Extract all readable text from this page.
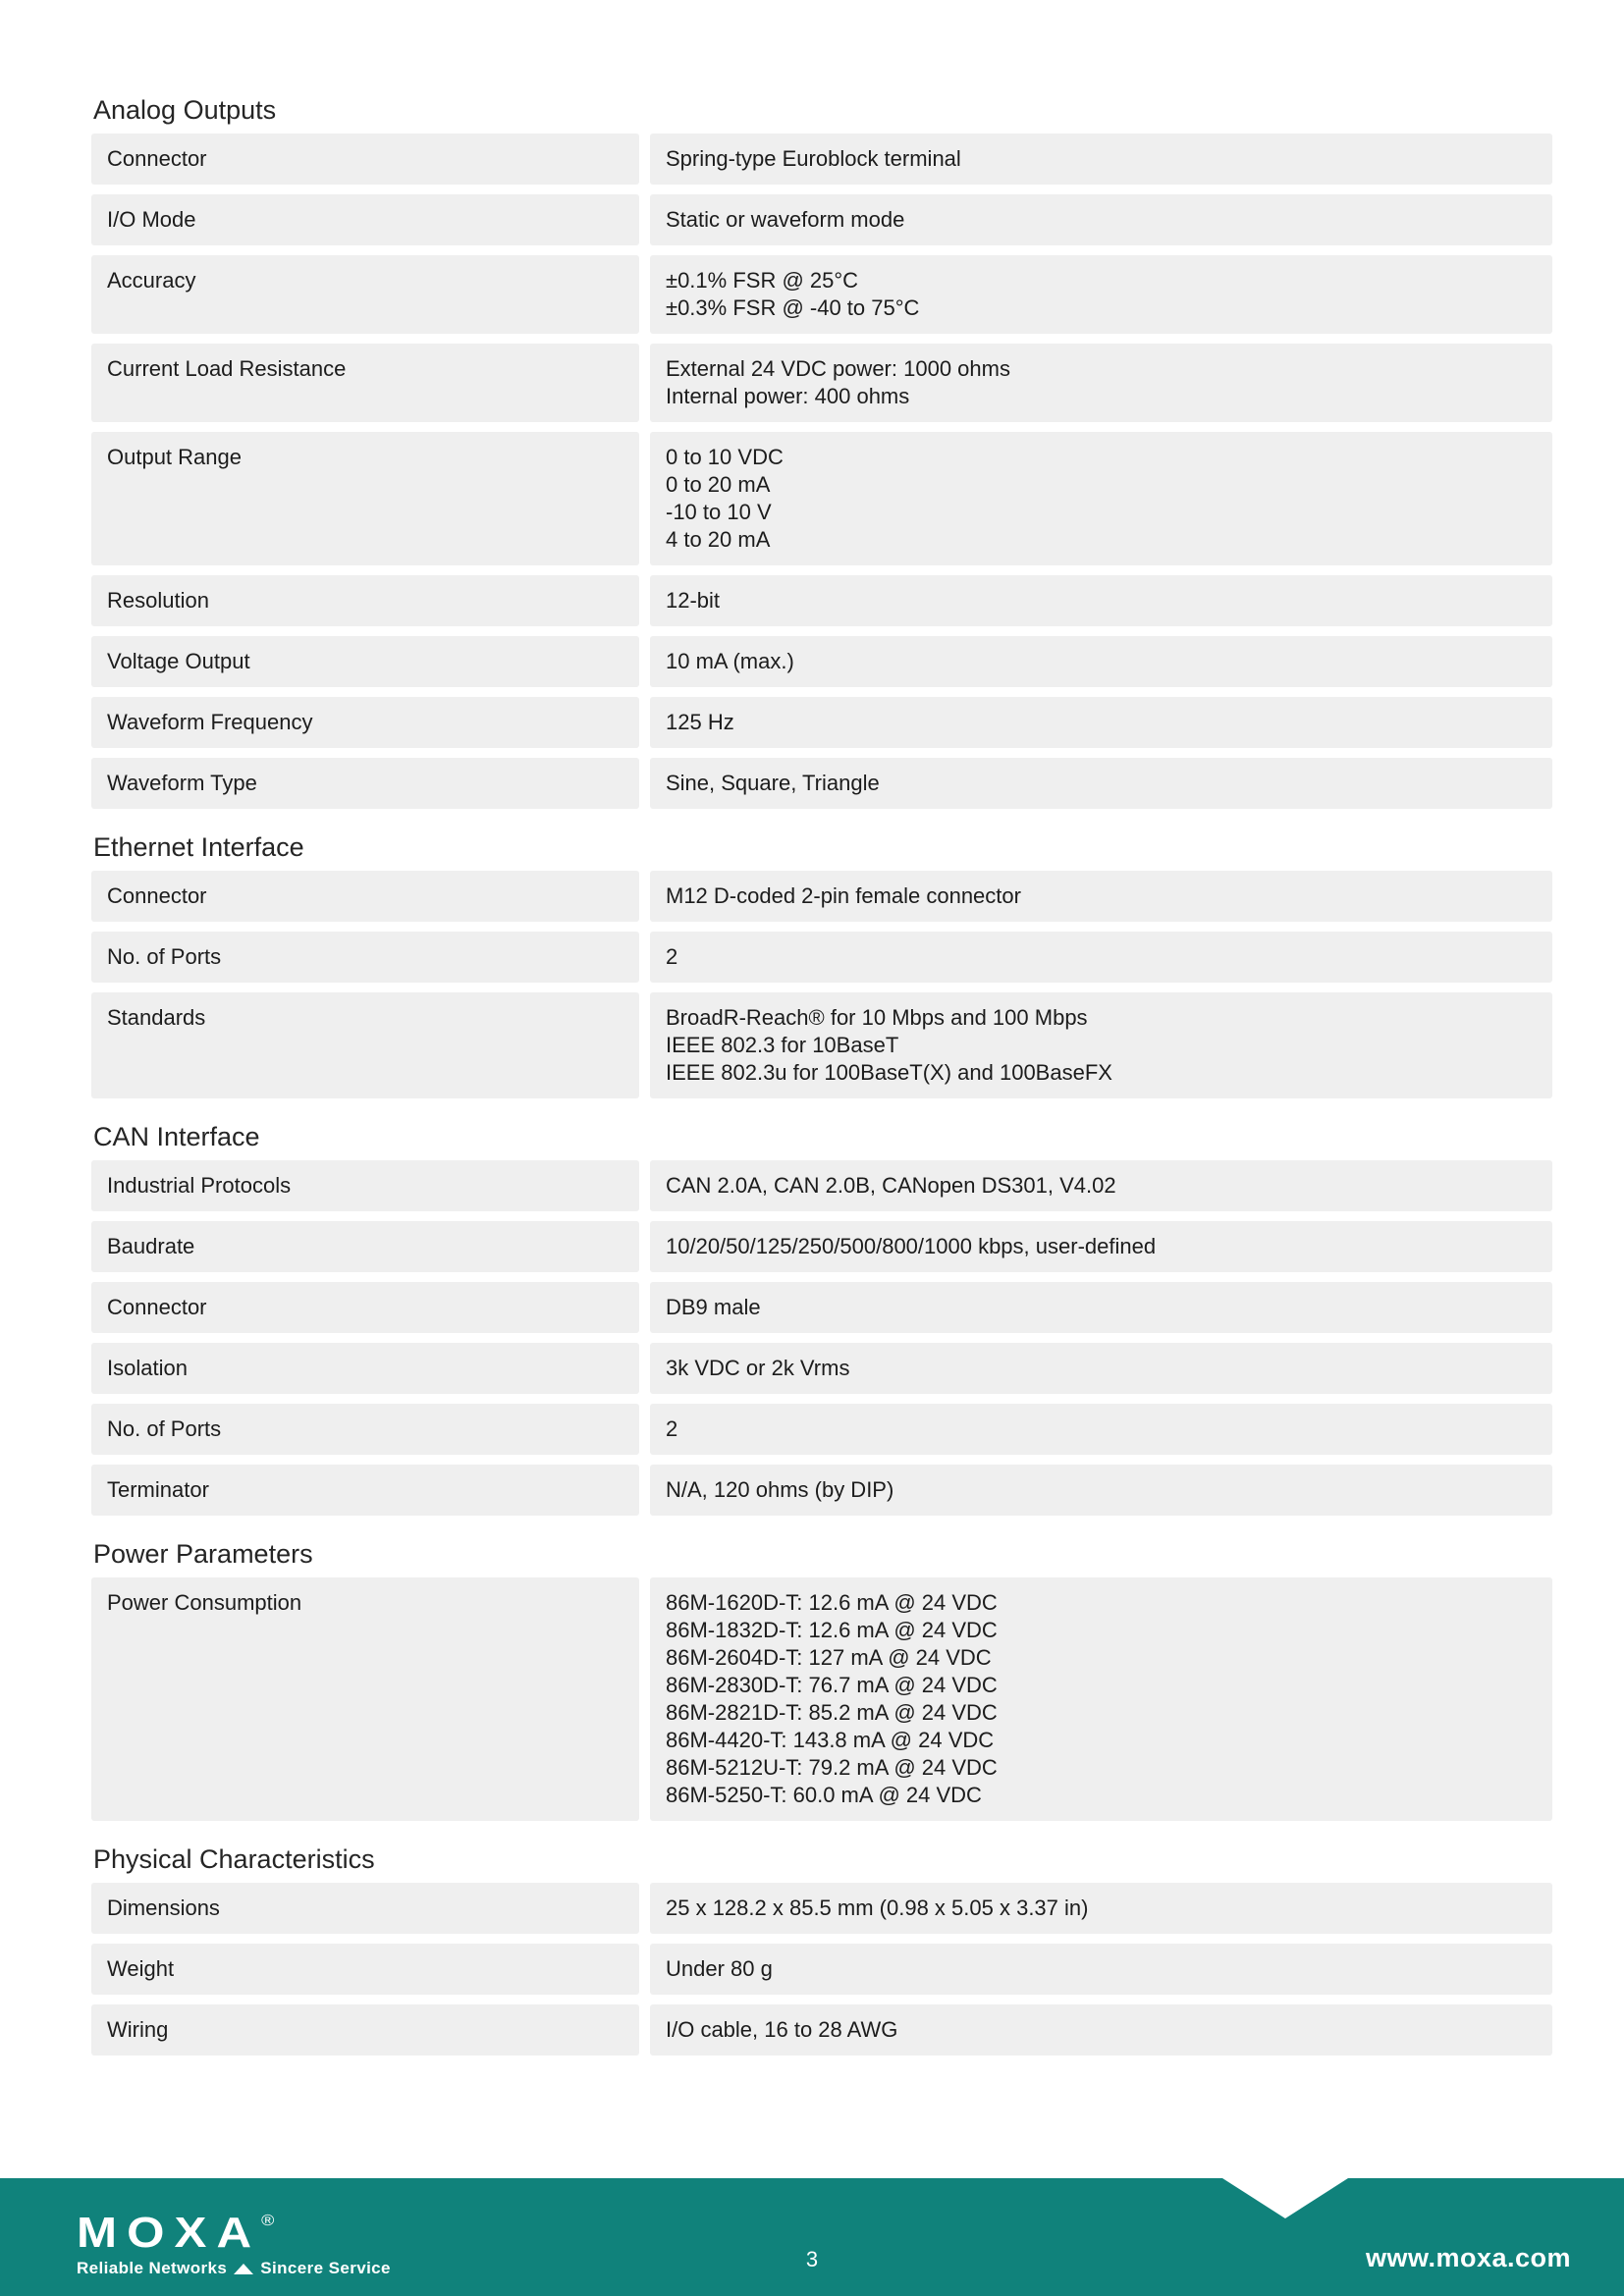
Analog Outputs
Connector	Spring-type Euroblock terminal
I/O Mode	Static or waveform mode
Accuracy	±0.1% FSR @ 25°C
±0.3% FSR @ -40 to 75°C
Current Load Resistance	External 24 VDC power: 1000 ohms
Internal power: 400 ohms
Output Range	0 to 10 VDC
0 to 20 mA
-10 to 10 V
4 to 20 mA
Resolution	12-bit
Voltage Output	10 mA (max.)
Waveform Frequency	125 Hz
Waveform Type	Sine, Square, Triangle
Ethernet Interface
Connector	M12 D-coded 2-pin female connector
No. of Ports	2
Standards	BroadR-Reach® for 10 Mbps and 100 Mbps
IEEE 802.3 for 10BaseT
IEEE 802.3u for 100BaseT(X) and 100BaseFX
CAN Interface
Industrial Protocols	CAN 2.0A, CAN 2.0B, CANopen DS301, V4.02
Baudrate	10/20/50/125/250/500/800/1000 kbps, user-defined
Connector	DB9 male
Isolation	3k VDC or 2k Vrms
No. of Ports	2
Terminator	N/A, 120 ohms (by DIP)
Power Parameters
Power Consumption	86M-1620D-T: 12.6 mA @ 24 VDC
86M-1832D-T: 12.6 mA @ 24 VDC
86M-2604D-T: 127 mA @ 24 VDC
86M-2830D-T: 76.7 mA @ 24 VDC
86M-2821D-T: 85.2 mA @ 24 VDC
86M-4420-T: 143.8 mA @ 24 VDC
86M-5212U-T: 79.2 mA @ 24 VDC
86M-5250-T: 60.0 mA @ 24 VDC
Physical Characteristics
Dimensions	25 x 128.2 x 85.5 mm (0.98 x 5.05 x 3.37 in)
Weight	Under 80 g
Wiring	I/O cable, 16 to 28 AWG
MOXA®
Reliable Networks Sincere Service	3	www.moxa.com
